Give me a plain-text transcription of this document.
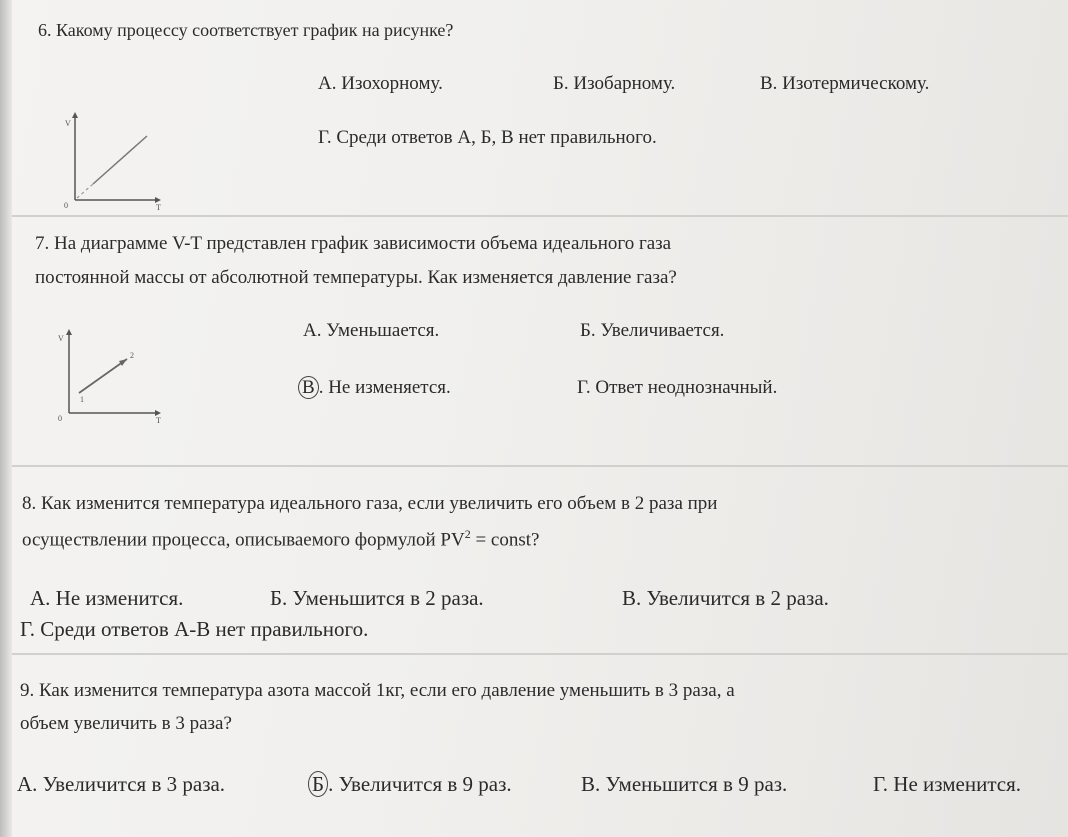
6. Какому процессу соответствует график на рисунке?
А. Изохорному.	Б. Изобарному.	В. Изотермическому.
Г. Среди ответов А, Б, В нет правильного.
V
T
0
7. На диаграмме V-T представлен график зависимости объема идеального газа
постоянной массы от абсолютной температуры. Как изменяется давление газа?
А. Уменьшается.	Б. Увеличивается.
В . Не изменяется.	Г. Ответ неоднозначный.
V
T
0
1
2
8. Как изменится температура идеального газа, если увеличить его объем в 2 раза при
осуществлении процесса, описываемого формулой $PV^2$ = const?
А. Не изменится.	Б. Уменьшится в 2 раза.	В. Увеличится в 2 раза.
Г. Среди ответов А-В нет правильного.
9. Как изменится температура азота массой 1кг, если его давление уменьшить в 3 раза, а
объем увеличить в 3 раза?
А. Увеличится в 3 раза.	Б . Увеличится в 9 раз.	В. Уменьшится в 9 раз.	Г. Не изменится.
